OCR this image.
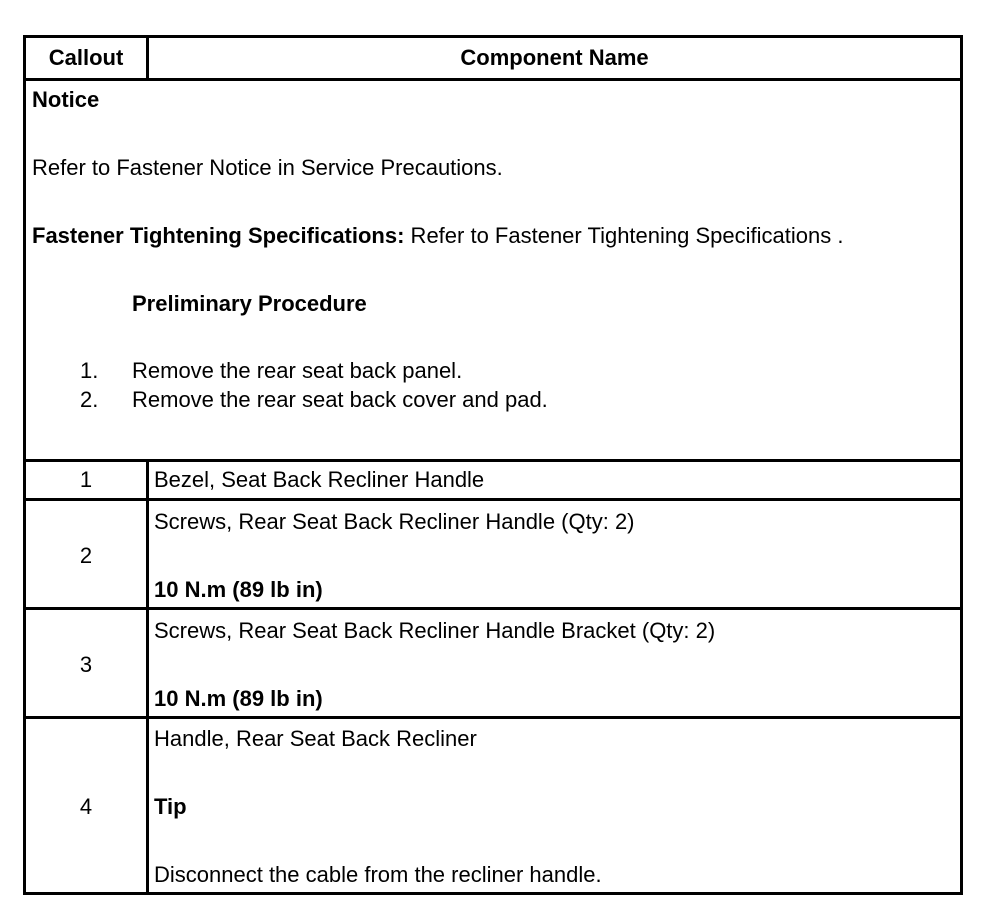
Callout	Component Name
Notice
Refer to Fastener Notice in Service Precautions.
Fastener Tightening Specifications: Refer to Fastener Tightening Specifications .
Preliminary Procedure
1. Remove the rear seat back panel.
2. Remove the rear seat back cover and pad.
1	Bezel, Seat Back Recliner Handle
2
Screws, Rear Seat Back Recliner Handle (Qty: 2)
10 N.m (89 lb in)
3
Screws, Rear Seat Back Recliner Handle Bracket (Qty: 2)
10 N.m (89 lb in)
4
Handle, Rear Seat Back Recliner
Tip
Disconnect the cable from the recliner handle.
